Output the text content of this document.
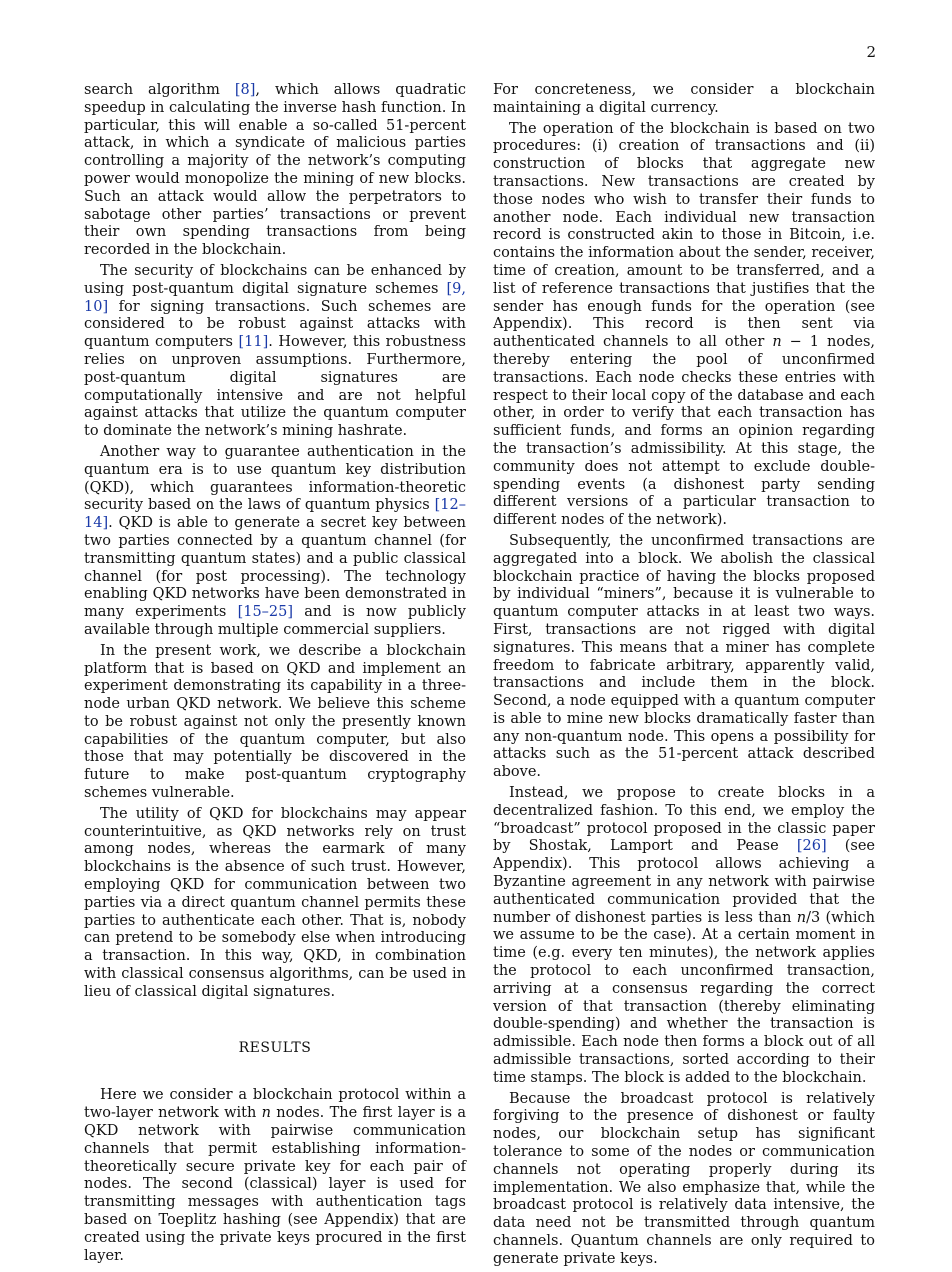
2

search algorithm [8], which allows quadratic speedup in calculating the inverse hash function. In particular, this will enable a so-called 51-percent attack, in which a syndicate of malicious parties controlling a majority of the network’s computing power would monopolize the mining of new blocks. Such an attack would allow the perpetrators to sabotage other parties’ transactions or prevent their own spending transactions from being recorded in the blockchain.

The security of blockchains can be enhanced by using post-quantum digital signature schemes [9, 10] for signing transactions. Such schemes are considered to be robust against attacks with quantum computers [11]. However, this robustness relies on unproven assumptions. Furthermore, post-quantum digital signatures are computationally intensive and are not helpful against attacks that utilize the quantum computer to dominate the network’s mining hashrate.

Another way to guarantee authentication in the quantum era is to use quantum key distribution (QKD), which guarantees information-theoretic security based on the laws of quantum physics [12–14]. QKD is able to generate a secret key between two parties connected by a quantum channel (for transmitting quantum states) and a public classical channel (for post processing). The technology enabling QKD networks have been demonstrated in many experiments [15–25] and is now publicly available through multiple commercial suppliers.

In the present work, we describe a blockchain platform that is based on QKD and implement an experiment demonstrating its capability in a three-node urban QKD network. We believe this scheme to be robust against not only the presently known capabilities of the quantum computer, but also those that may potentially be discovered in the future to make post-quantum cryptography schemes vulnerable.

The utility of QKD for blockchains may appear counterintuitive, as QKD networks rely on trust among nodes, whereas the earmark of many blockchains is the absence of such trust. However, employing QKD for communication between two parties via a direct quantum channel permits these parties to authenticate each other. That is, nobody can pretend to be somebody else when introducing a transaction. In this way, QKD, in combination with classical consensus algorithms, can be used in lieu of classical digital signatures.

RESULTS

Here we consider a blockchain protocol within a two-layer network with n nodes. The first layer is a QKD network with pairwise communication channels that permit establishing information-theoretically secure private key for each pair of nodes. The second (classical) layer is used for transmitting messages with authentication tags based on Toeplitz hashing (see Appendix) that are created using the private keys procured in the first layer.

For concreteness, we consider a blockchain maintaining a digital currency.

The operation of the blockchain is based on two procedures: (i) creation of transactions and (ii) construction of blocks that aggregate new transactions. New transactions are created by those nodes who wish to transfer their funds to another node. Each individual new transaction record is constructed akin to those in Bitcoin, i.e. contains the information about the sender, receiver, time of creation, amount to be transferred, and a list of reference transactions that justifies that the sender has enough funds for the operation (see Appendix). This record is then sent via authenticated channels to all other n − 1 nodes, thereby entering the pool of unconfirmed transactions. Each node checks these entries with respect to their local copy of the database and each other, in order to verify that each transaction has sufficient funds, and forms an opinion regarding the transaction’s admissibility. At this stage, the community does not attempt to exclude double-spending events (a dishonest party sending different versions of a particular transaction to different nodes of the network).

Subsequently, the unconfirmed transactions are aggregated into a block. We abolish the classical blockchain practice of having the blocks proposed by individual “miners”, because it is vulnerable to quantum computer attacks in at least two ways. First, transactions are not rigged with digital signatures. This means that a miner has complete freedom to fabricate arbitrary, apparently valid, transactions and include them in the block. Second, a node equipped with a quantum computer is able to mine new blocks dramatically faster than any non-quantum node. This opens a possibility for attacks such as the 51-percent attack described above.

Instead, we propose to create blocks in a decentralized fashion. To this end, we employ the “broadcast” protocol proposed in the classic paper by Shostak, Lamport and Pease [26] (see Appendix). This protocol allows achieving a Byzantine agreement in any network with pairwise authenticated communication provided that the number of dishonest parties is less than n/3 (which we assume to be the case). At a certain moment in time (e.g. every ten minutes), the network applies the protocol to each unconfirmed transaction, arriving at a consensus regarding the correct version of that transaction (thereby eliminating double-spending) and whether the transaction is admissible. Each node then forms a block out of all admissible transactions, sorted according to their time stamps. The block is added to the blockchain.

Because the broadcast protocol is relatively forgiving to the presence of dishonest or faulty nodes, our blockchain setup has significant tolerance to some of the nodes or communication channels not operating properly during its implementation. We also emphasize that, while the broadcast protocol is relatively data intensive, the data need not be transmitted through quantum channels. Quantum channels are only required to generate private keys.
